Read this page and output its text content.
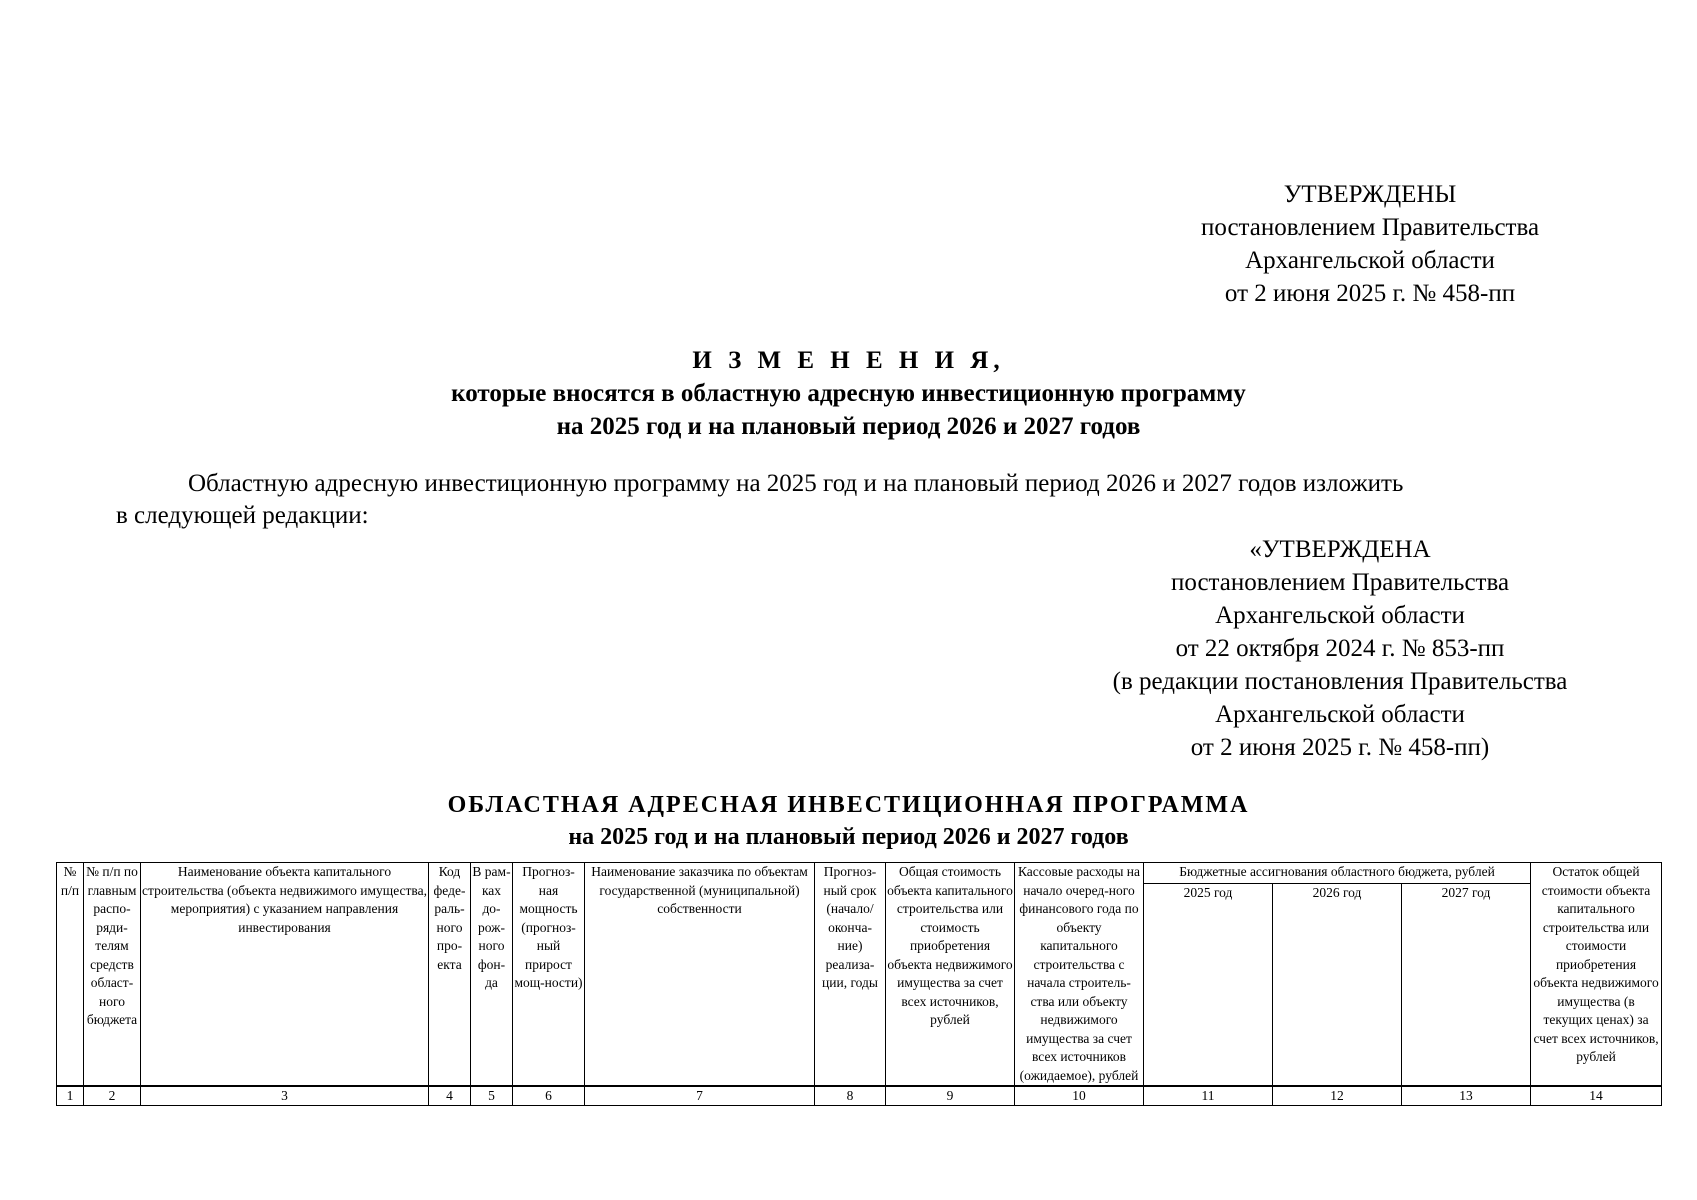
УТВЕРЖДЕНЫ
постановлением Правительства
Архангельской области
от 2 июня 2025 г. № 458-пп
И З М Е Н Е Н И Я,
которые вносятся в областную адресную инвестиционную программу
на 2025 год и на плановый период 2026 и 2027 годов
Областную адресную инвестиционную программу на 2025 год и на плановый период 2026 и 2027 годов изложить
в следующей редакции:
«УТВЕРЖДЕНА
постановлением Правительства
Архангельской области
от 22 октября 2024 г. № 853-пп
(в редакции постановления Правительства
Архангельской области
от 2 июня 2025 г. № 458-пп)
ОБЛАСТНАЯ АДРЕСНАЯ ИНВЕСТИЦИОННАЯ ПРОГРАММА
на 2025 год и на плановый период 2026 и 2027 годов
№ п/п	№ п/п по главным распо-ряди-телям средств област-ного бюджета	Наименование объекта капитального строительства (объекта недвижимого имущества, мероприятия) с указанием направления инвестирования	Код феде-раль-ного про-екта	В рам-ках до-рож-ного фон-да	Прогноз-ная мощность (прогноз-ный прирост мощ-ности)	Наименование заказчика по объектам государственной (муниципальной) собственности	Прогноз-ный срок (начало/ оконча-ние) реализа-ции, годы	Общая стоимость объекта капитального строительства или стоимость приобретения объекта недвижимого имущества за счет всех источников, рублей	Кассовые расходы на начало очеред-ного финансового года по объекту капитального строительства с начала строитель-ства или объекту недвижимого имущества за счет всех источников (ожидаемое), рублей	Бюджетные ассигнования областного бюджета, рублей			Остаток общей стоимости объекта капитального строительства или стоимости приобретения объекта недвижимого имущества (в текущих ценах) за счет всех источников, рублей
										2025 год	2026 год	2027 год	
1	2	3	4	5	6	7	8	9	10	11	12	13	14
